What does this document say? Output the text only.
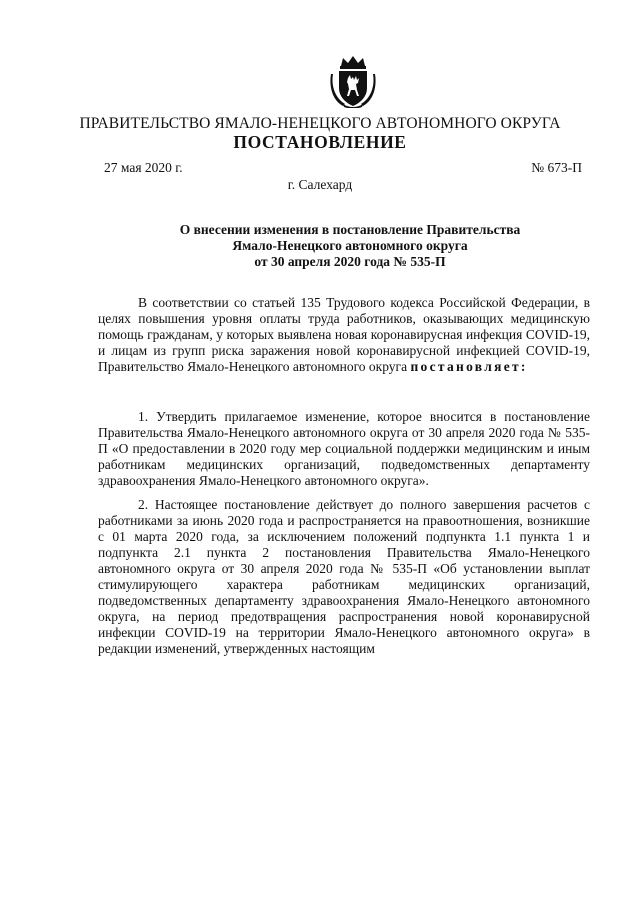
ПРАВИТЕЛЬСТВО ЯМАЛО-НЕНЕЦКОГО АВТОНОМНОГО ОКРУГА
ПОСТАНОВЛЕНИЕ
27 мая 2020 г.	№ 673-П
г. Салехард
О внесении изменения в постановление Правительства
Ямало-Ненецкого автономного округа
от 30 апреля 2020 года № 535-П
В соответствии со статьей 135 Трудового кодекса Российской Федерации, в целях повышения уровня оплаты труда работников, оказывающих медицинскую помощь гражданам, у которых выявлена новая коронавирусная инфекция COVID-19, и лицам из групп риска заражения новой коронавирусной инфекцией COVID-19, Правительство Ямало-Ненецкого автономного округа постановляет:
1. Утвердить прилагаемое изменение, которое вносится в постановление Правительства Ямало-Ненецкого автономного округа от 30 апреля 2020 года № 535-П «О предоставлении в 2020 году мер социальной поддержки медицинским и иным работникам медицинских организаций, подведомственных департаменту здравоохранения Ямало-Ненецкого автономного округа».
2. Настоящее постановление действует до полного завершения расчетов с работниками за июнь 2020 года и распространяется на правоотношения, возникшие с 01 марта 2020 года, за исключением положений подпункта 1.1 пункта 1 и подпункта 2.1 пункта 2 постановления Правительства Ямало-Ненецкого автономного округа от 30 апреля 2020 года № 535-П «Об установлении выплат стимулирующего характера работникам медицинских организаций, подведомственных департаменту здравоохранения Ямало-Ненецкого автономного округа, на период предотвращения распространения новой коронавирусной инфекции COVID-19 на территории Ямало-Ненецкого автономного округа» в редакции изменений, утвержденных настоящим
